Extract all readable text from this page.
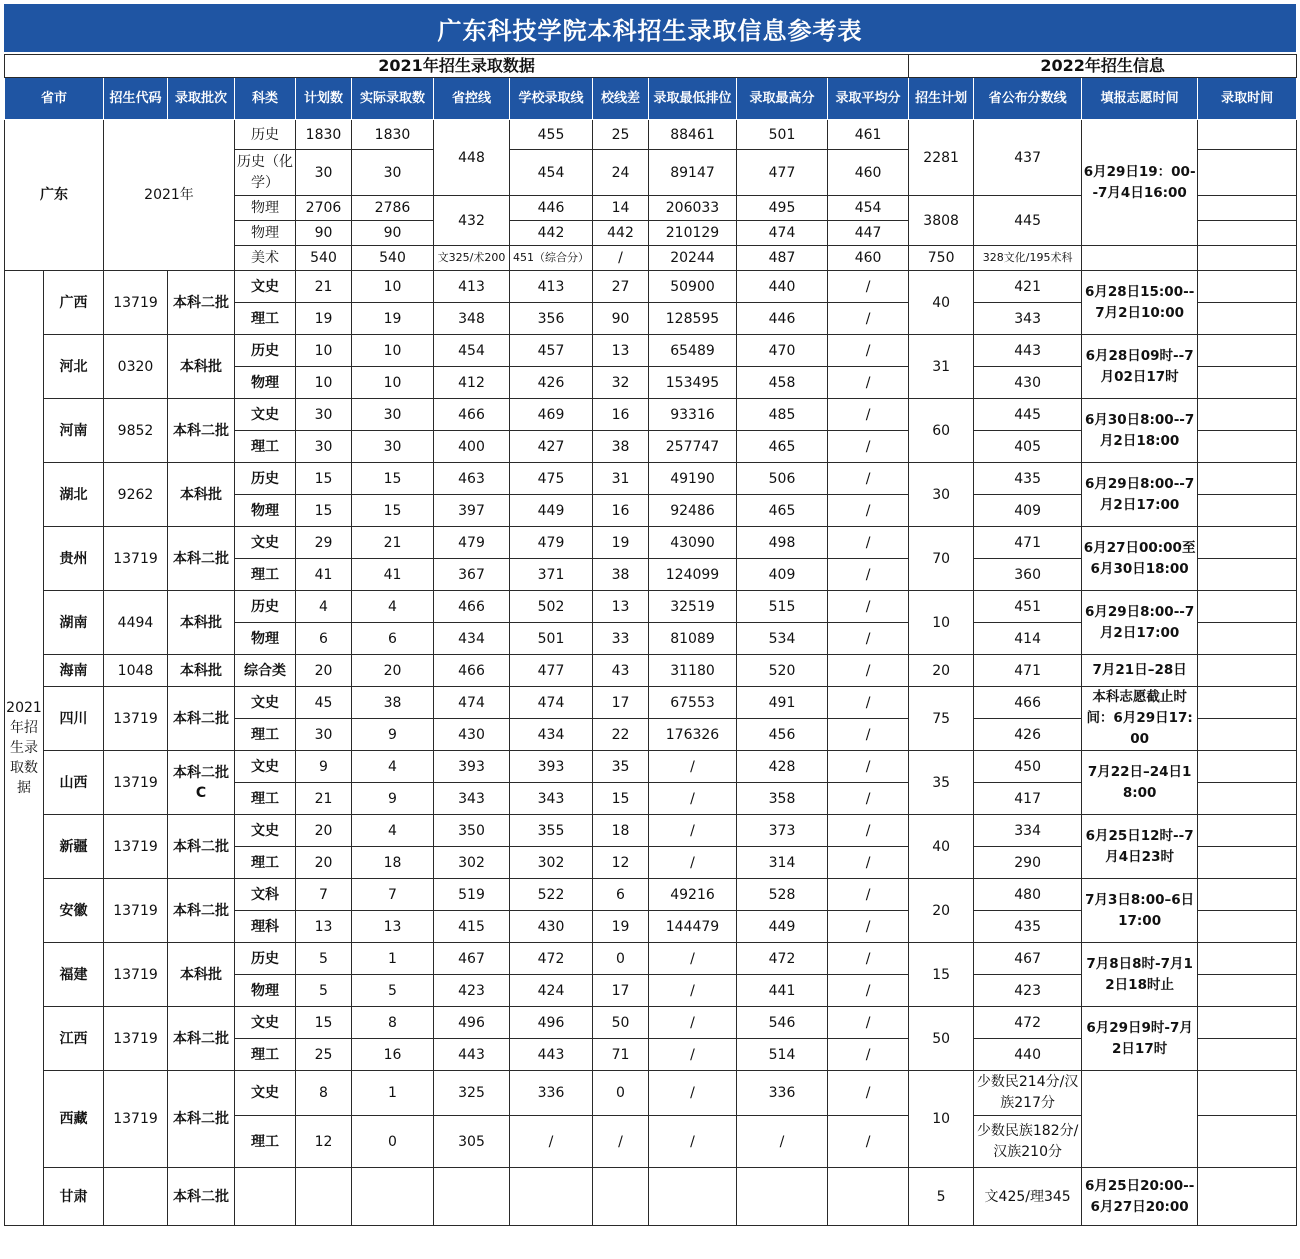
广东科技学院本科招生录取信息参考表
2021年招生录取数据													2022年招生信息			
省市		招生代码	录取批次	科类	计划数	实际录取数	省控线	学校录取线	校线差	录取最低排位	录取最高分	录取平均分	招生计划	省公布分数线	填报志愿时间	录取时间
广东		2021年		历史	1830	1830	448	455	25	88461	501	461	2281	437	6月29日19：00--7月4日16:00	
				历史（化学）	30	30		454	24	89147	477	460				
				物理	2706	2786	432	446	14	206033	495	454	3808	445		
				物理	90	90		442	442	210129	474	447				
				美术	540	540	文325/术200	451（综合分）	/	20244	487	460	750	328文化/195术科		
2021年招生录取数据	广西	13719	本科二批	文史	21	10	413	413	27	50900	440	/	40	421	6月28日15:00--7月2日10:00	
				理工	19	19	348	356	90	128595	446	/		343		
	河北	0320	本科批	历史	10	10	454	457	13	65489	470	/	31	443	6月28日09时--7月02日17时	
				物理	10	10	412	426	32	153495	458	/		430		
	河南	9852	本科二批	文史	30	30	466	469	16	93316	485	/	60	445	6月30日8:00--7月2日18:00	
				理工	30	30	400	427	38	257747	465	/		405		
	湖北	9262	本科批	历史	15	15	463	475	31	49190	506	/	30	435	6月29日8:00--7月2日17:00	
				物理	15	15	397	449	16	92486	465	/		409		
	贵州	13719	本科二批	文史	29	21	479	479	19	43090	498	/	70	471	6月27日00:00至6月30日18:00	
				理工	41	41	367	371	38	124099	409	/		360		
	湖南	4494	本科批	历史	4	4	466	502	13	32519	515	/	10	451	6月29日8:00--7月2日17:00	
				物理	6	6	434	501	33	81089	534	/		414		
	海南	1048	本科批	综合类	20	20	466	477	43	31180	520	/	20	471	7月21日–28日	
	四川	13719	本科二批	文史	45	38	474	474	17	67553	491	/	75	466	本科志愿截止时间：6月29日17:00	
				理工	30	9	430	434	22	176326	456	/		426		
	山西	13719	本科二批C	文史	9	4	393	393	35	/	428	/	35	450	7月22日–24日18:00	
				理工	21	9	343	343	15	/	358	/		417		
	新疆	13719	本科二批	文史	20	4	350	355	18	/	373	/	40	334	6月25日12时--7月4日23时	
				理工	20	18	302	302	12	/	314	/		290		
	安徽	13719	本科二批	文科	7	7	519	522	6	49216	528	/	20	480	7月3日8:00–6日17:00	
				理科	13	13	415	430	19	144479	449	/		435		
	福建	13719	本科批	历史	5	1	467	472	0	/	472	/	15	467	7月8日8时-7月12日18时止	
				物理	5	5	423	424	17	/	441	/		423		
	江西	13719	本科二批	文史	15	8	496	496	50	/	546	/	50	472	6月29日9时-7月2日17时	
				理工	25	16	443	443	71	/	514	/		440		
	西藏	13719	本科二批	文史	8	1	325	336	0	/	336	/	10	少数民214分/汉族217分		
				理工	12	0	305	/	/	/	/	/		少数民族182分/汉族210分		
	甘肃		本科二批										5	文425/理345	6月25日20:00--6月27日20:00	
